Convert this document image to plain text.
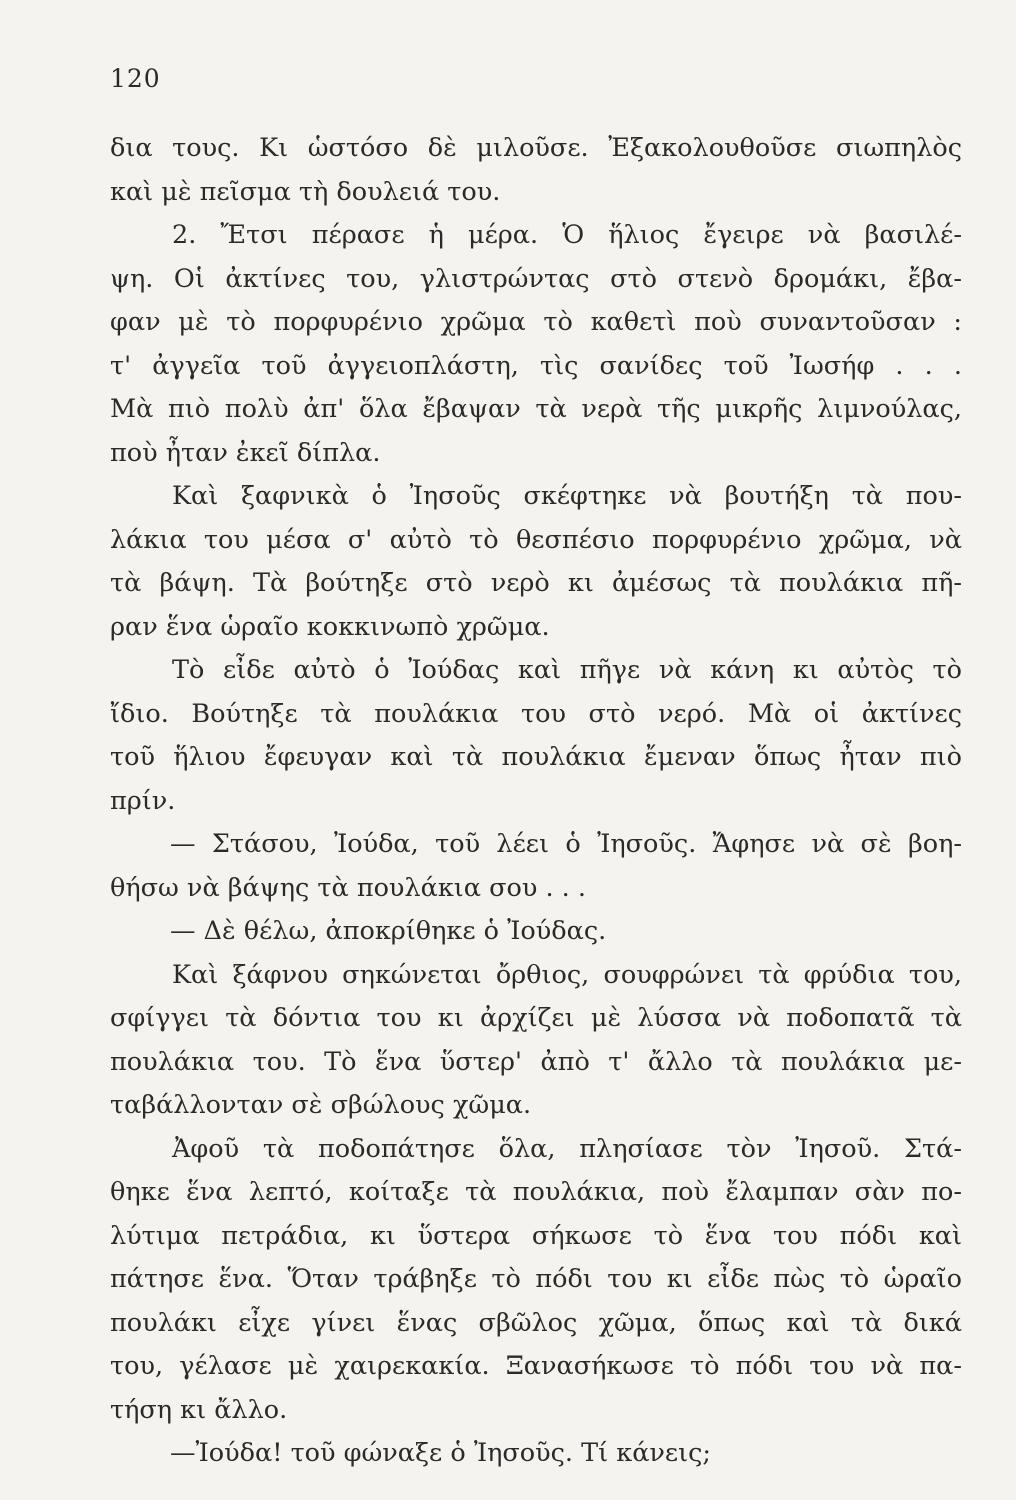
120
δια τους. Κι ὡστόσο δὲ μιλοῦσε. Ἐξακολουθοῦσε σιωπηλὸς
καὶ μὲ πεῖσμα τὴ δουλειά του.
2. Ἔτσι πέρασε ἡ μέρα. Ὁ ἥλιος ἔγειρε νὰ βασιλέ-
ψη. Οἱ ἀκτίνες του, γλιστρώντας στὸ στενὸ δρομάκι, ἔβα-
φαν μὲ τὸ πορφυρένιο χρῶμα τὸ καθετὶ ποὺ συναντοῦσαν :
τ' ἀγγεῖα τοῦ ἀγγειοπλάστη, τὶς σανίδες τοῦ Ἰωσήφ . . .
Μὰ πιὸ πολὺ ἀπ' ὅλα ἔβαψαν τὰ νερὰ τῆς μικρῆς λιμνούλας,
ποὺ ἦταν ἐκεῖ δίπλα.
Καὶ ξαφνικὰ ὁ Ἰησοῦς σκέφτηκε νὰ βουτήξη τὰ που-
λάκια του μέσα σ' αὐτὸ τὸ θεσπέσιο πορφυρένιο χρῶμα, νὰ
τὰ βάψη. Τὰ βούτηξε στὸ νερὸ κι ἀμέσως τὰ πουλάκια πῆ-
ραν ἕνα ὡραῖο κοκκινωπὸ χρῶμα.
Τὸ εἶδε αὐτὸ ὁ Ἰούδας καὶ πῆγε νὰ κάνη κι αὐτὸς τὸ
ἴδιο. Βούτηξε τὰ πουλάκια του στὸ νερό. Μὰ οἱ ἀκτίνες
τοῦ ἥλιου ἔφευγαν καὶ τὰ πουλάκια ἔμεναν ὅπως ἦταν πιὸ
πρίν.
— Στάσου, Ἰούδα, τοῦ λέει ὁ Ἰησοῦς. Ἄφησε νὰ σὲ βοη-
θήσω νὰ βάψης τὰ πουλάκια σου . . .
— Δὲ θέλω, ἀποκρίθηκε ὁ Ἰούδας.
Καὶ ξάφνου σηκώνεται ὄρθιος, σουφρώνει τὰ φρύδια του,
σφίγγει τὰ δόντια του κι ἀρχίζει μὲ λύσσα νὰ ποδοπατᾶ τὰ
πουλάκια του. Τὸ ἕνα ὕστερ' ἀπὸ τ' ἄλλο τὰ πουλάκια με-
ταβάλλονταν σὲ σβώλους χῶμα.
Ἀφοῦ τὰ ποδοπάτησε ὅλα, πλησίασε τὸν Ἰησοῦ. Στά-
θηκε ἕνα λεπτό, κοίταξε τὰ πουλάκια, ποὺ ἔλαμπαν σὰν πο-
λύτιμα πετράδια, κι ὕστερα σήκωσε τὸ ἕνα του πόδι καὶ
πάτησε ἕνα. Ὅταν τράβηξε τὸ πόδι του κι εἶδε πὼς τὸ ὡραῖο
πουλάκι εἶχε γίνει ἕνας σβῶλος χῶμα, ὅπως καὶ τὰ δικά
του, γέλασε μὲ χαιρεκακία. Ξανασήκωσε τὸ πόδι του νὰ πα-
τήση κι ἄλλο.
—Ἰούδα! τοῦ φώναξε ὁ Ἰησοῦς. Τί κάνεις;
